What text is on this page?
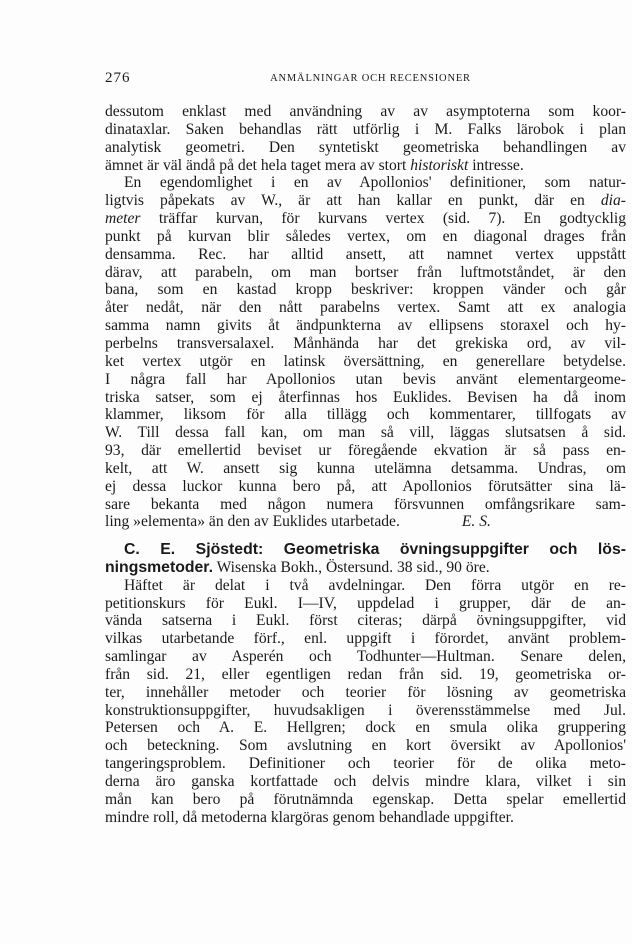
276	ANMÄLNINGAR OCH RECENSIONER
dessutom enklast med användning av av asymptoterna som koor-
dinataxlar. Saken behandlas rätt utförlig i M. Falks lärobok i plan
analytisk geometri. Den syntetiskt geometriska behandlingen av
ämnet är väl ändå på det hela taget mera av stort historiskt intresse.
En egendomlighet i en av Apollonios' definitioner, som natur-
ligtvis påpekats av W., är att han kallar en punkt, där en dia-
meter träffar kurvan, för kurvans vertex (sid. 7). En godtycklig
punkt på kurvan blir således vertex, om en diagonal drages från
densamma. Rec. har alltid ansett, att namnet vertex uppstått
därav, att parabeln, om man bortser från luftmotståndet, är den
bana, som en kastad kropp beskriver: kroppen vänder och går
åter nedåt, när den nått parabelns vertex. Samt att ex analogia
samma namn givits åt ändpunkterna av ellipsens storaxel och hy-
perbelns transversalaxel. Månhända har det grekiska ord, av vil-
ket vertex utgör en latinsk översättning, en generellare betydelse.
I några fall har Apollonios utan bevis använt elementargeome-
triska satser, som ej återfinnas hos Euklides. Bevisen ha då inom
klammer, liksom för alla tillägg och kommentarer, tillfogats av
W. Till dessa fall kan, om man så vill, läggas slutsatsen å sid.
93, där emellertid beviset ur föregående ekvation är så pass en-
kelt, att W. ansett sig kunna utelämna detsamma. Undras, om
ej dessa luckor kunna bero på, att Apollonios förutsätter sina lä-
sare bekanta med någon numera försvunnen omfångsrikare sam-
ling »elementa» än den av Euklides utarbetade.	E. S.
C. E. Sjöstedt: Geometriska övningsuppgifter och lös-
ningsmetoder. Wisenska Bokh., Östersund. 38 sid., 90 öre.
Häftet är delat i två avdelningar. Den förra utgör en re-
petitionskurs för Eukl. I—IV, uppdelad i grupper, där de an-
vända satserna i Eukl. först citeras; därpå övningsuppgifter, vid
vilkas utarbetande förf., enl. uppgift i förordet, använt problem-
samlingar av Asperén och Todhunter—Hultman. Senare delen,
från sid. 21, eller egentligen redan från sid. 19, geometriska or-
ter, innehåller metoder och teorier för lösning av geometriska
konstruktionsuppgifter, huvudsakligen i överensstämmelse med Jul.
Petersen och A. E. Hellgren; dock en smula olika gruppering
och beteckning. Som avslutning en kort översikt av Apollonios'
tangeringsproblem. Definitioner och teorier för de olika meto-
derna äro ganska kortfattade och delvis mindre klara, vilket i sin
mån kan bero på förutnämnda egenskap. Detta spelar emellertid
mindre roll, då metoderna klargöras genom behandlade uppgifter.
